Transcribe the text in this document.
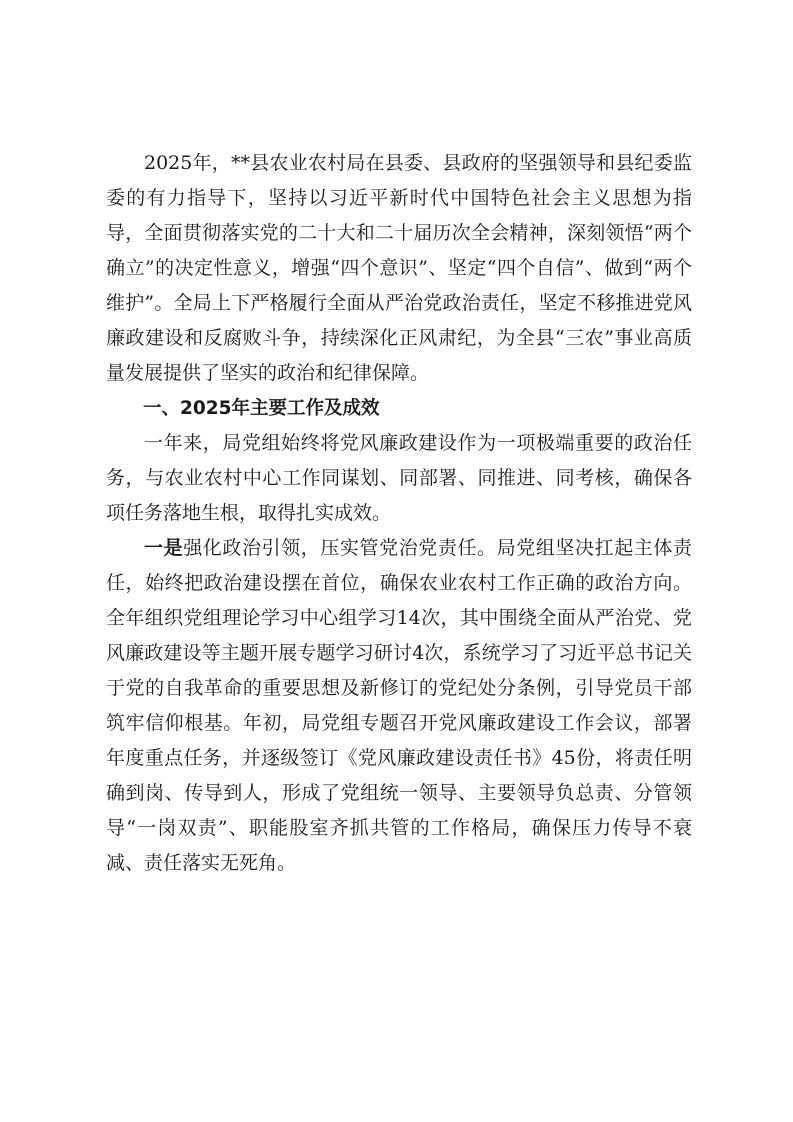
2025年，**县农业农村局在县委、县政府的坚强领导和县纪委监委的有力指导下，坚持以习近平新时代中国特色社会主义思想为指导，全面贯彻落实党的二十大和二十届历次全会精神，深刻领悟“两个确立”的决定性意义，增强“四个意识”、坚定“四个自信”、做到“两个维护”。全局上下严格履行全面从严治党政治责任，坚定不移推进党风廉政建设和反腐败斗争，持续深化正风肃纪，为全县“三农”事业高质量发展提供了坚实的政治和纪律保障。

一、2025年主要工作及成效

一年来，局党组始终将党风廉政建设作为一项极端重要的政治任务，与农业农村中心工作同谋划、同部署、同推进、同考核，确保各项任务落地生根，取得扎实成效。

一是强化政治引领，压实管党治党责任。局党组坚决扛起主体责任，始终把政治建设摆在首位，确保农业农村工作正确的政治方向。全年组织党组理论学习中心组学习14次，其中围绕全面从严治党、党风廉政建设等主题开展专题学习研讨4次，系统学习了习近平总书记关于党的自我革命的重要思想及新修订的党纪处分条例，引导党员干部筑牢信仰根基。年初，局党组专题召开党风廉政建设工作会议，部署年度重点任务，并逐级签订《党风廉政建设责任书》45份，将责任明确到岗、传导到人，形成了党组统一领导、主要领导负总责、分管领导“一岗双责”、职能股室齐抓共管的工作格局，确保压力传导不衰减、责任落实无死角。
